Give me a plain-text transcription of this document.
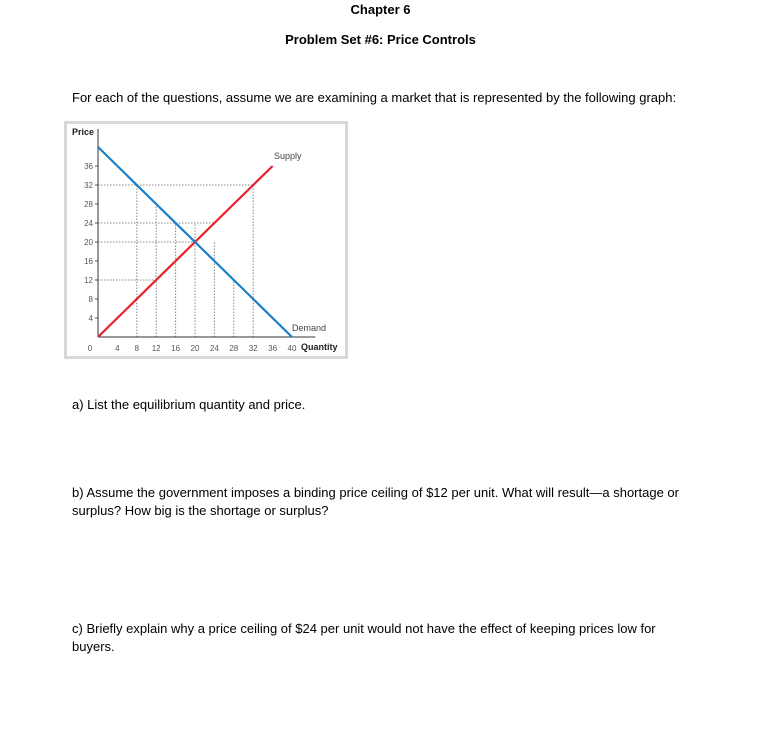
Chapter 6
Problem Set #6: Price Controls
For each of the questions, assume we are examining a market that is represented by the following graph:
4
8
12
16
20
24
28
32
36
0	4 8 12 16 20 24 28 32 36 40
Price
Quantity
Supply
Demand
a) List the equilibrium quantity and price.
b) Assume the government imposes a binding price ceiling of $12 per unit. What will result—a shortage or surplus? How big is the shortage or surplus?
c) Briefly explain why a price ceiling of $24 per unit would not have the effect of keeping prices low for buyers.
